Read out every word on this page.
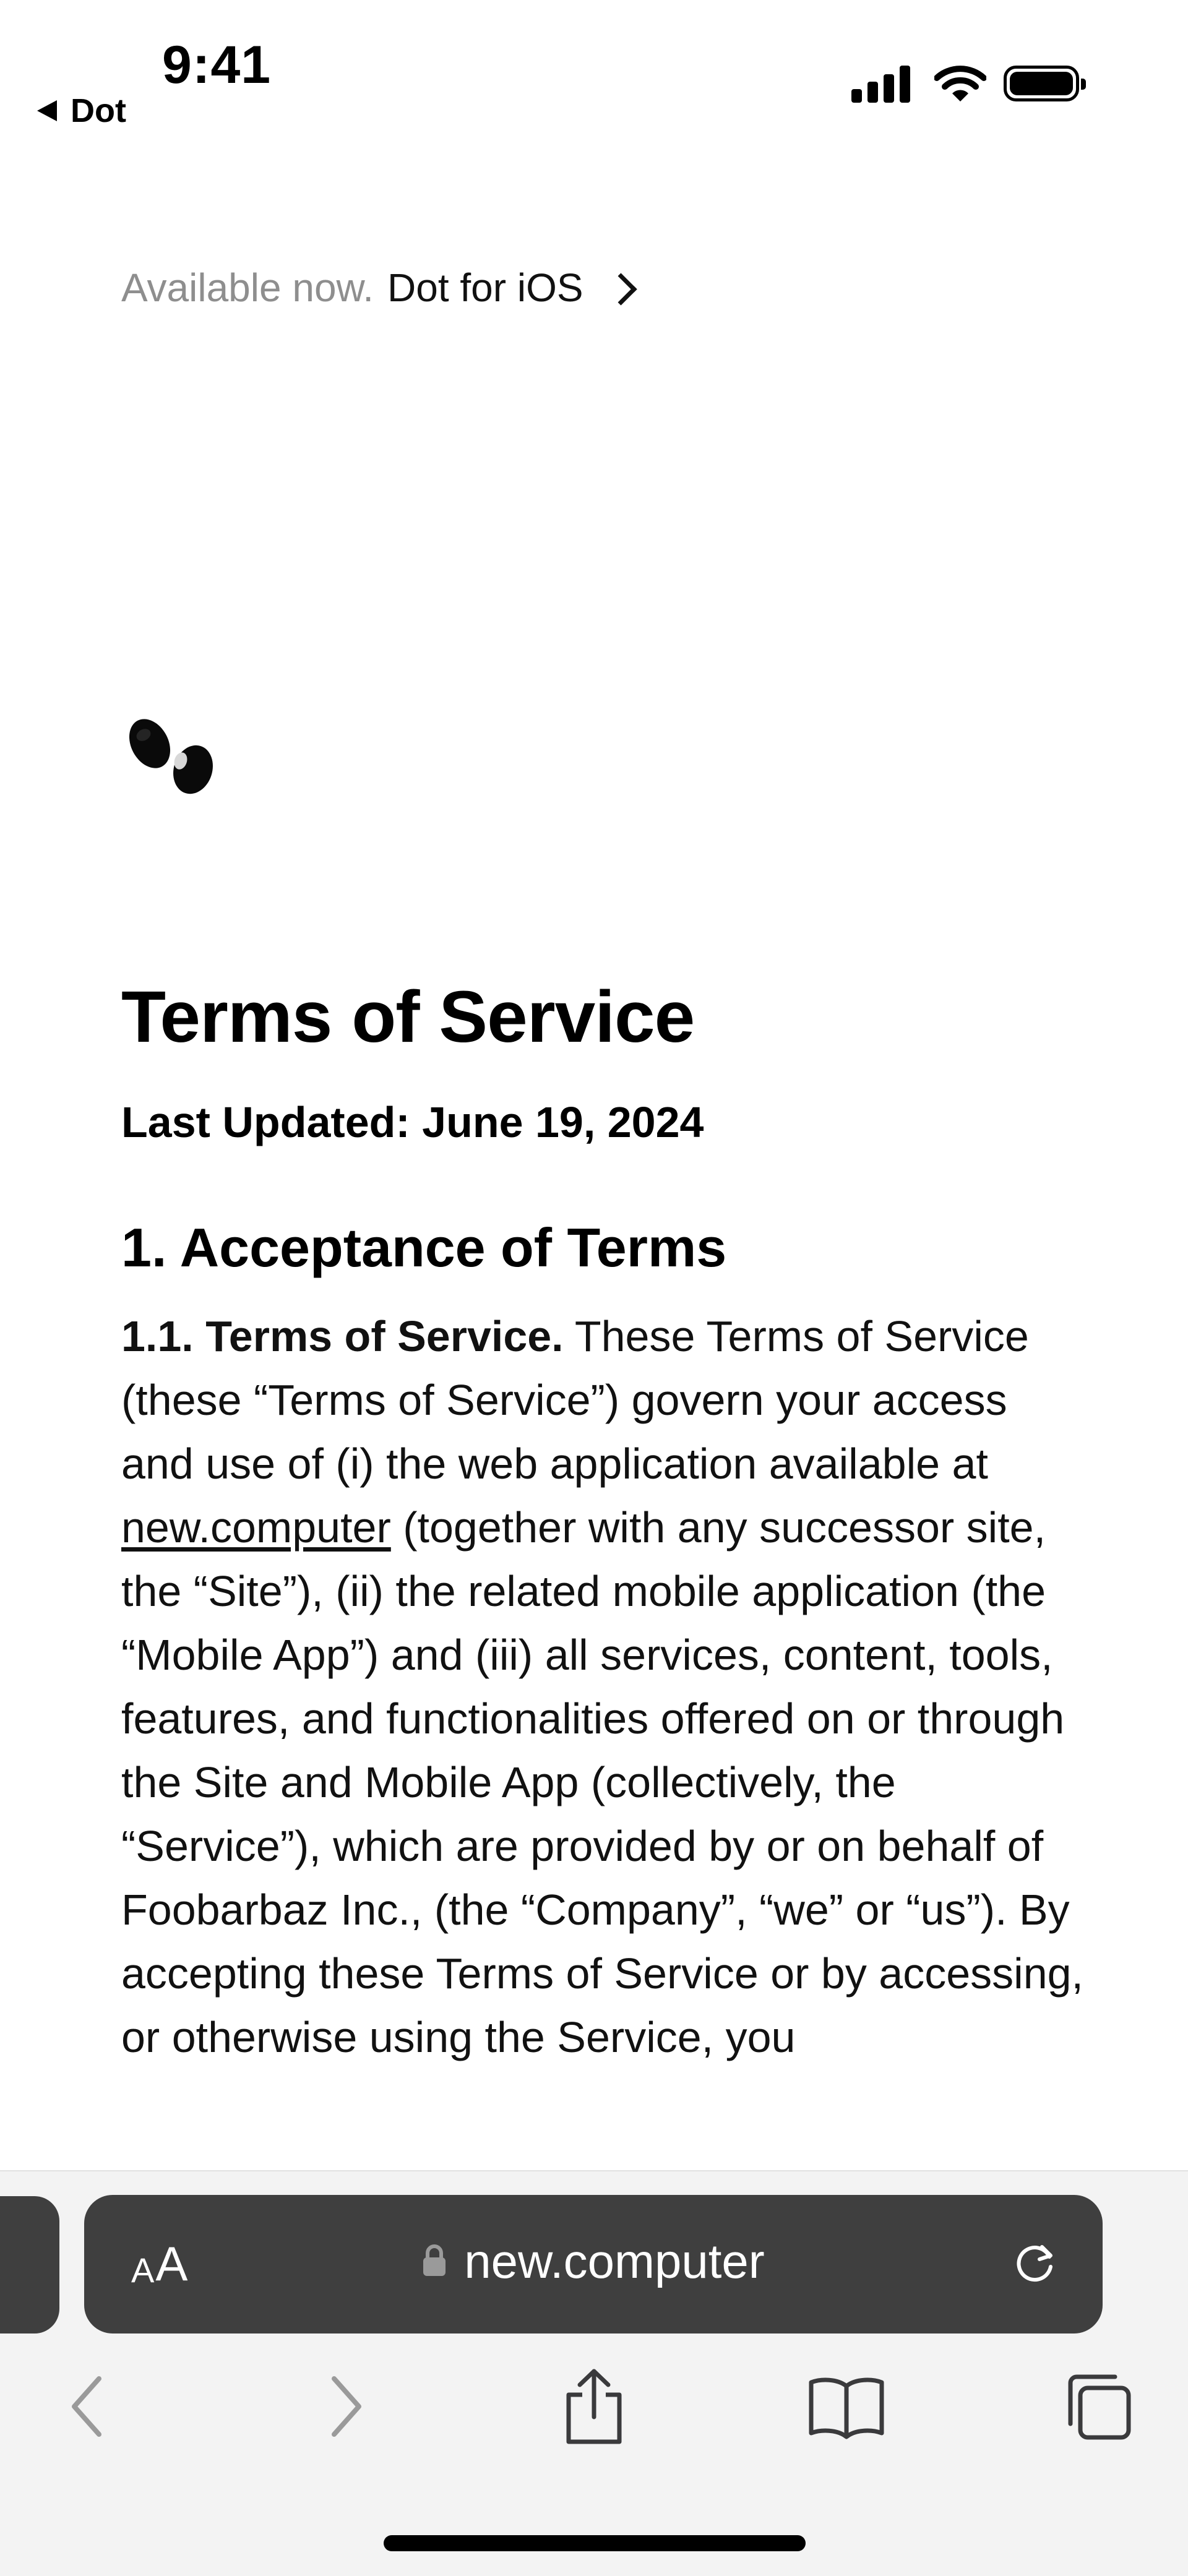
9:41
Dot
Available now. Dot for iOS
Terms of Service

Last Updated: June 19, 2024

1. Acceptance of Terms

1.1. Terms of Service. These Terms of Service (these “Terms of Service”) govern your access and use of (i) the web application available at new.computer (together with any successor site, the “Site”), (ii) the related mobile application (the “Mobile App”) and (iii) all services, content, tools, features, and functionalities offered on or through the Site and Mobile App (collectively, the “Service”), which are provided by or on behalf of Foobarbaz Inc., (the “Company”, “we” or “us”). By accepting these Terms of Service or by accessing, or otherwise using the Service, you

A A	new.computer
